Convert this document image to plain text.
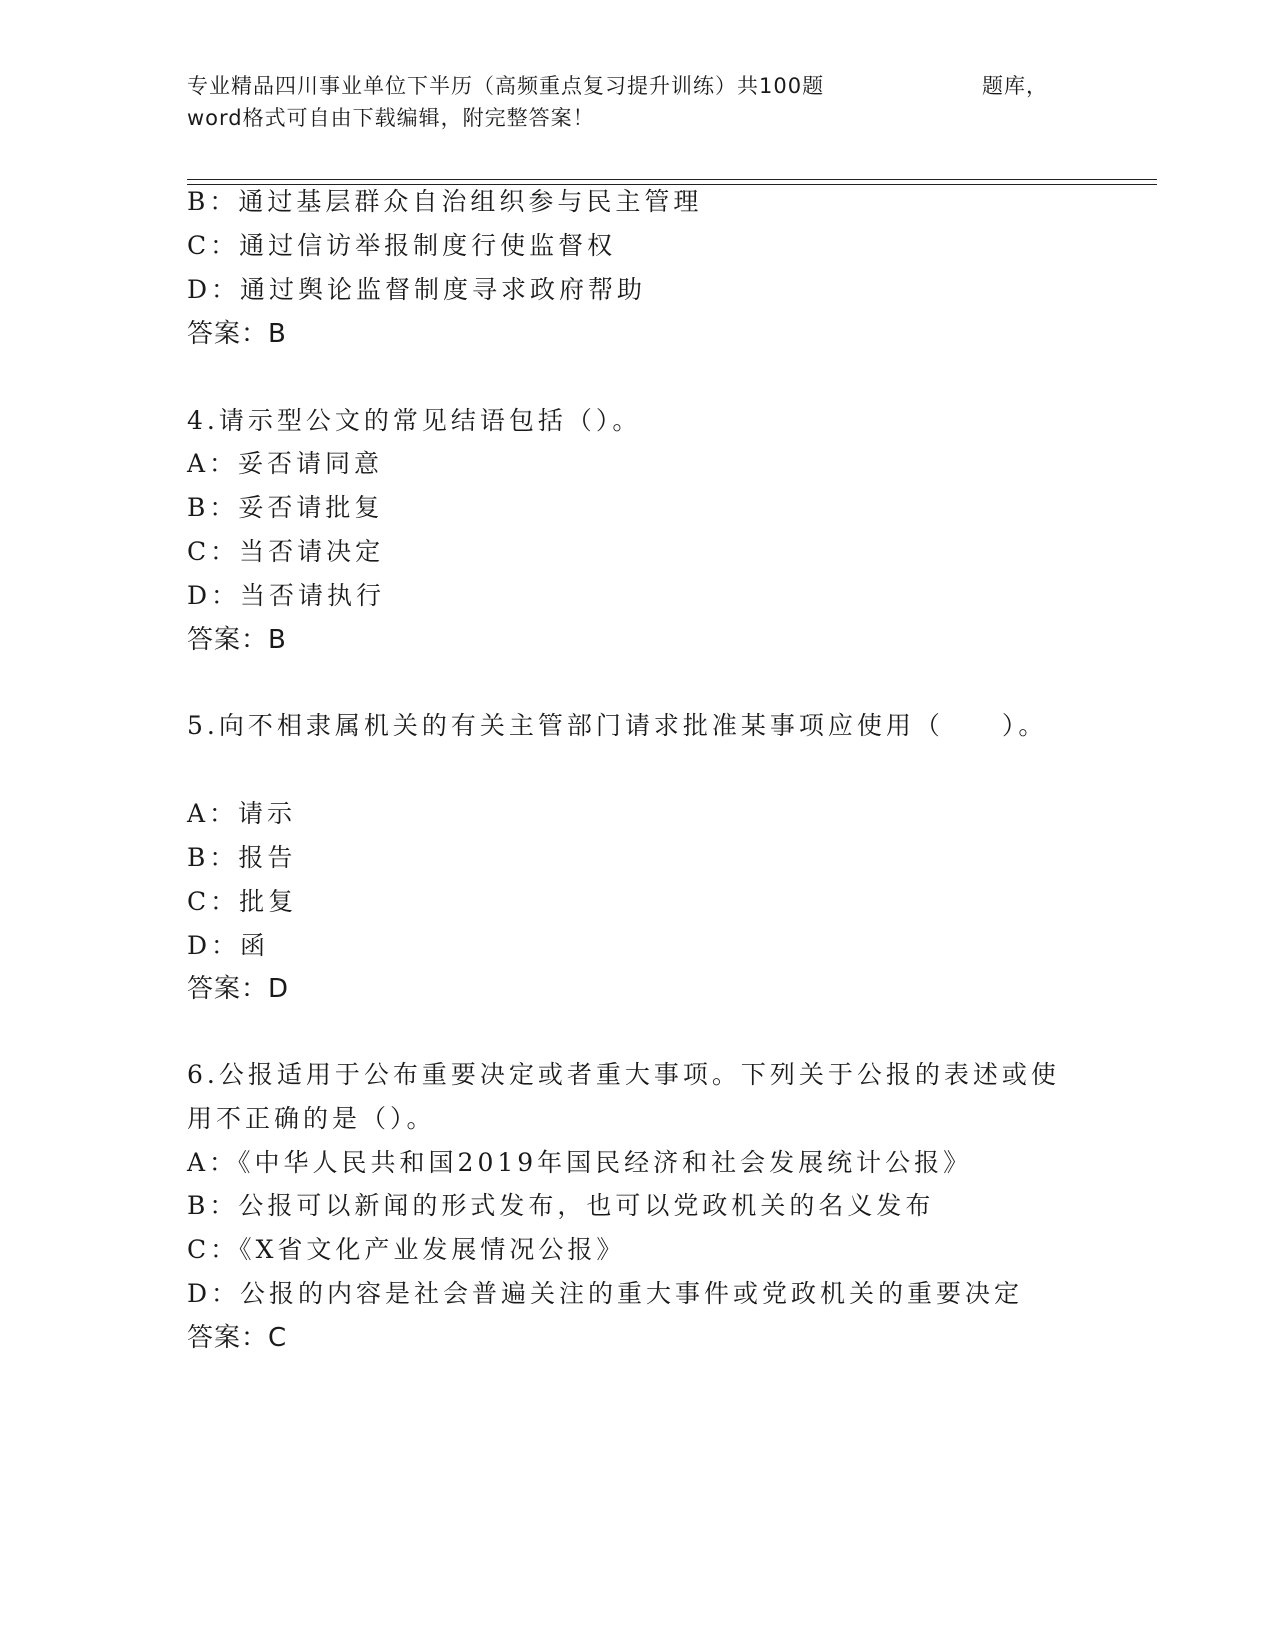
专业精品四川事业单位下半历（高频重点复习提升训练）共100题	题库，
word格式可自由下载编辑，附完整答案！
B：通过基层群众自治组织参与民主管理
C：通过信访举报制度行使监督权
D：通过舆论监督制度寻求政府帮助
答案：B
4.请示型公文的常见结语包括（）。
A：妥否请同意
B：妥否请批复
C：当否请决定
D：当否请执行
答案：B
5.向不相隶属机关的有关主管部门请求批准某事项应使用（　　）。
A：请示
B：报告
C：批复
D：函
答案：D
6.公报适用于公布重要决定或者重大事项。下列关于公报的表述或使
用不正确的是（）。
A：《中华人民共和国2019年国民经济和社会发展统计公报》
B：公报可以新闻的形式发布，也可以党政机关的名义发布
C：《X省文化产业发展情况公报》
D：公报的内容是社会普遍关注的重大事件或党政机关的重要决定
答案：C
